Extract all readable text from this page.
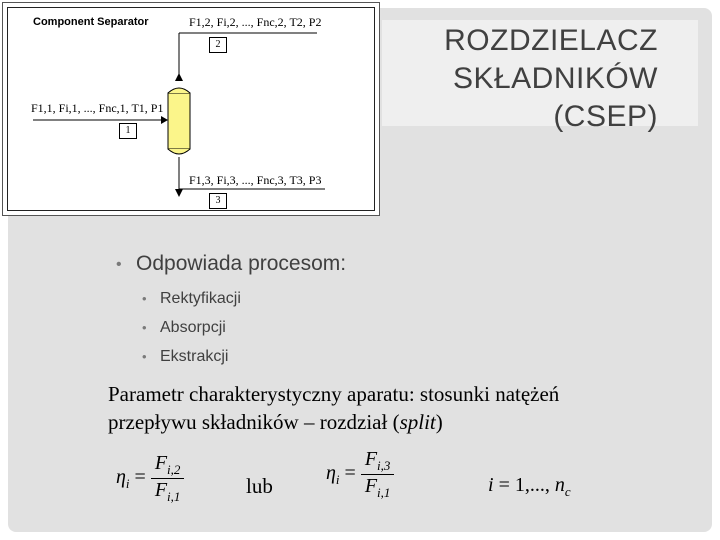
ROZDZIELACZ
SKŁADNIKÓW
(CSEP)
Component Separator	F1,2, Fi,2, ..., Fnc,2, T2, P2
2
F1,1, Fi,1, ..., Fnc,1, T1, P1
1
F1,3, Fi,3, ..., Fnc,3, T3, P3
3
• Odpowiada procesom:
• Rektyfikacji
• Absorpcji
• Ekstrakcji
Parametr charakterystyczny aparatu: stosunki natężeń przepływu składników – rozdział (split)
$\eta_i = \frac{F_{i,2}}{F_{i,1}}$	lub
$\eta_i = \frac{F_{i,3}}{F_{i,1}}$	i = 1,..., $n_c$
